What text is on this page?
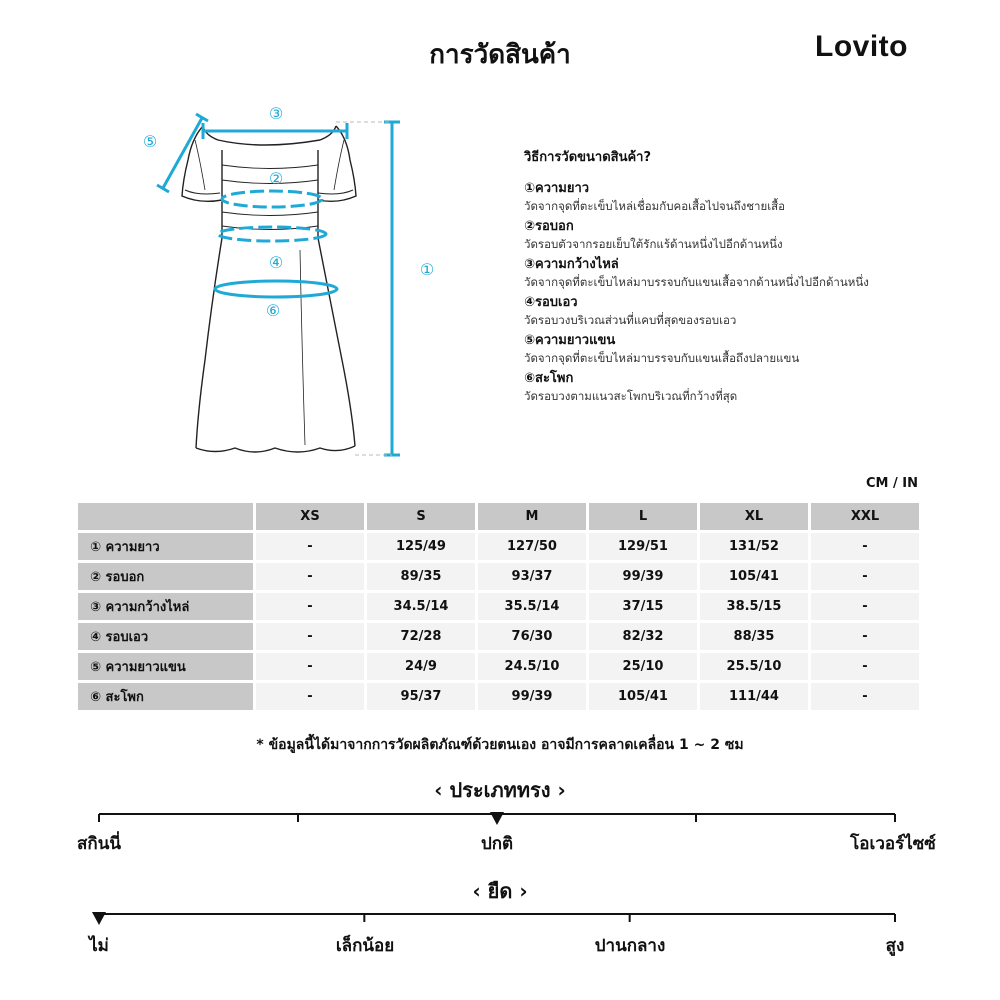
การวัดสินค้า	Lovito
①
②
③
④
⑤
⑥
วิธีการวัดขนาดสินค้า?
①ความยาว
วัดจากจุดที่ตะเข็บไหล่เชื่อมกับคอเสื้อไปจนถึงชายเสื้อ
②รอบอก
วัดรอบตัวจากรอยเย็บใต้รักแร้ด้านหนึ่งไปอีกด้านหนึ่ง
③ความกว้างไหล่
วัดจากจุดที่ตะเข็บไหล่มาบรรจบกับแขนเสื้อจากด้านหนึ่งไปอีกด้านหนึ่ง
④รอบเอว
วัดรอบวงบริเวณส่วนที่แคบที่สุดของรอบเอว
⑤ความยาวแขน
วัดจากจุดที่ตะเข็บไหล่มาบรรจบกับแขนเสื้อถึงปลายแขน
⑥สะโพก
วัดรอบวงตามแนวสะโพกบริเวณที่กว้างที่สุด
CM / IN
	XS	S	M	L	XL	XXL
① ความยาว	-	125/49	127/50	129/51	131/52	-
② รอบอก	-	89/35	93/37	99/39	105/41	-
③ ความกว้างไหล่	-	34.5/14	35.5/14	37/15	38.5/15	-
④ รอบเอว	-	72/28	76/30	82/32	88/35	-
⑤ ความยาวแขน	-	24/9	24.5/10	25/10	25.5/10	-
⑥ สะโพก	-	95/37	99/39	105/41	111/44	-
* ข้อมูลนี้ได้มาจากการวัดผลิตภัณฑ์ด้วยตนเอง อาจมีการคลาดเคลื่อน 1 ~ 2 ซม
‹ ประเภททรง ›
สกินนี่	ปกติ	โอเวอร์ไซซ์
‹ ยืด ›
ไม่	เล็กน้อย	ปานกลาง	สูง
